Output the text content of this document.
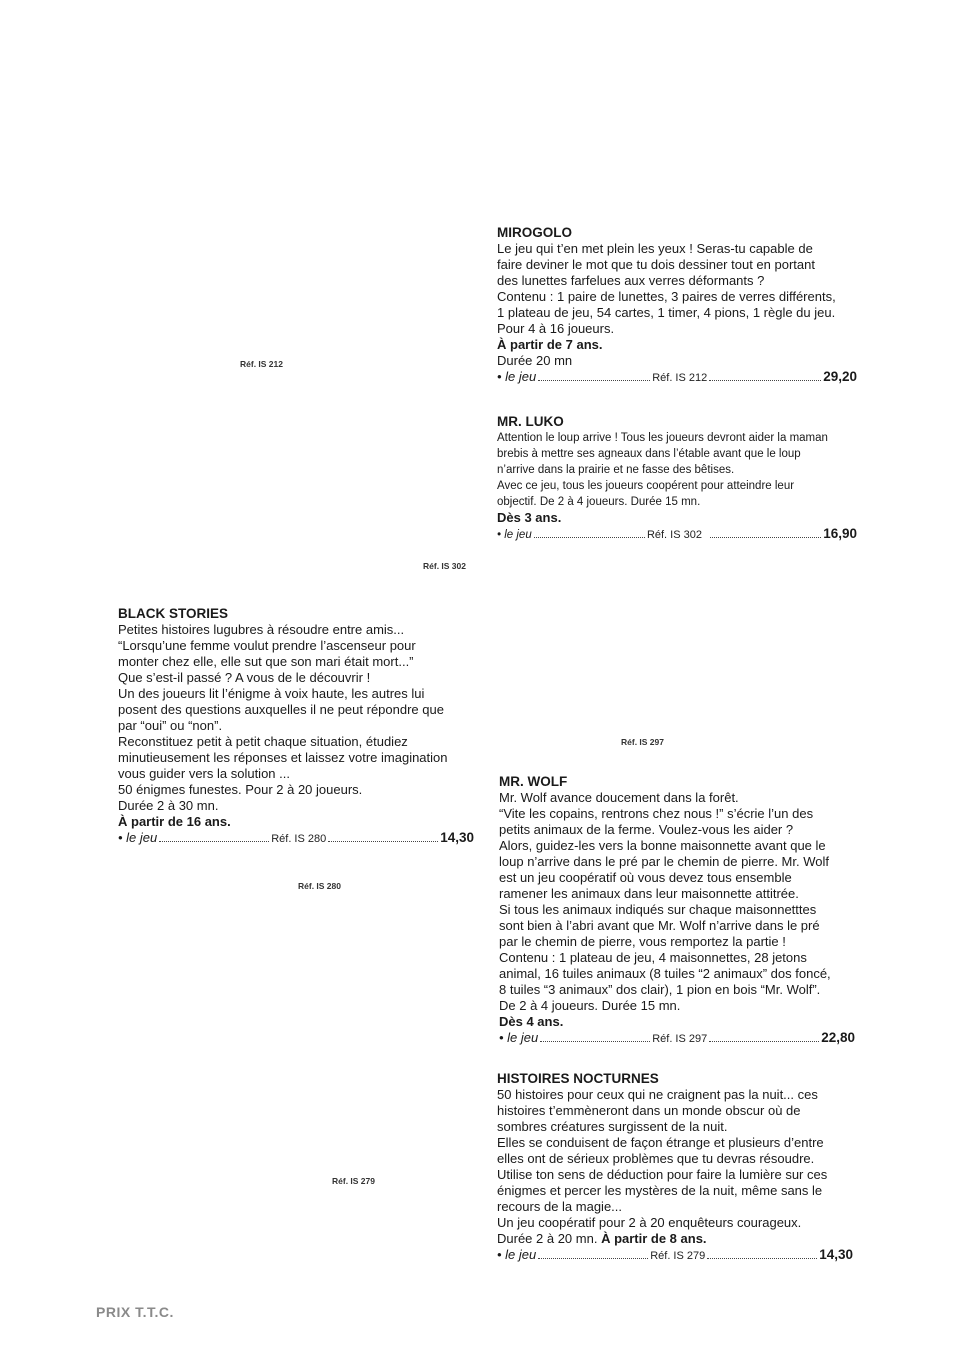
Réf. IS 212
Réf. IS 302
Réf. IS 297
Réf. IS 280
Réf. IS 279

MIROGOLO

Le jeu qui t’en met plein les yeux ! Seras-tu capable de

faire deviner le mot que tu dois dessiner tout en portant

des lunettes farfelues aux verres déformants ?

Contenu : 1 paire de lunettes, 3 paires de verres différents,

1 plateau de jeu, 54 cartes, 1 timer, 4 pions, 1 règle du jeu.

Pour 4 à 16 joueurs.

À partir de 7 ans.

Durée 20 mn

• le jeu	Réf. IS 212	29,20

MR. LUKO

Attention le loup arrive ! Tous les joueurs devront aider la maman

brebis à mettre ses agneaux dans l’étable avant que le loup

n’arrive dans la prairie et ne fasse des bêtises.

Avec ce jeu, tous les joueurs coopérent pour atteindre leur

objectif. De 2 à 4 joueurs. Durée 15 mn.

Dès 3 ans.

• le jeu	Réf. IS 302	16,90

BLACK STORIES

Petites histoires lugubres à résoudre entre amis...

“Lorsqu’une femme voulut prendre l’ascenseur pour

monter chez elle, elle sut que son mari était mort...”

Que s’est-il passé ? A vous de le découvrir !

Un des joueurs lit l’énigme à voix haute, les autres lui

posent des questions auxquelles il ne peut répondre que

par “oui” ou “non”.

Reconstituez petit à petit chaque situation, étudiez

minutieusement les réponses et laissez votre imagination

vous guider vers la solution ...

50 énigmes funestes. Pour 2 à 20 joueurs.

Durée 2 à 30 mn.

À partir de 16 ans.

• le jeu	Réf. IS 280	14,30

MR. WOLF

Mr. Wolf avance doucement dans la forêt.

“Vite les copains, rentrons chez nous !” s’écrie l’un des

petits animaux de la ferme. Voulez-vous les aider ?

Alors, guidez-les vers la bonne maisonnette avant que le

loup n’arrive dans le pré par le chemin de pierre. Mr. Wolf

est un jeu coopératif où vous devez tous ensemble

ramener les animaux dans leur maisonnette attitrée.

Si tous les animaux indiqués sur chaque maisonnetttes

sont bien à l’abri avant que Mr. Wolf n’arrive dans le pré

par le chemin de pierre, vous remportez la partie !

Contenu : 1 plateau de jeu, 4 maisonnettes, 28 jetons

animal, 16 tuiles animaux (8 tuiles “2 animaux” dos foncé,

8 tuiles “3 animaux” dos clair), 1 pion en bois “Mr. Wolf”.

De 2 à 4 joueurs. Durée 15 mn.

Dès 4 ans.

• le jeu	Réf. IS 297	22,80

HISTOIRES NOCTURNES

50 histoires pour ceux qui ne craignent pas la nuit... ces

histoires t’emmèneront dans un monde obscur où de

sombres créatures surgissent de la nuit.

Elles se conduisent de façon étrange et plusieurs d’entre

elles ont de sérieux problèmes que tu devras résoudre.

Utilise ton sens de déduction pour faire la lumière sur ces

énigmes et percer les mystères de la nuit, même sans le

recours de la magie...

Un jeu coopératif pour 2 à 20 enquêteurs courageux.

Durée 2 à 20 mn. À partir de 8 ans.

• le jeu	Réf. IS 279	14,30
PRIX T.T.C.
